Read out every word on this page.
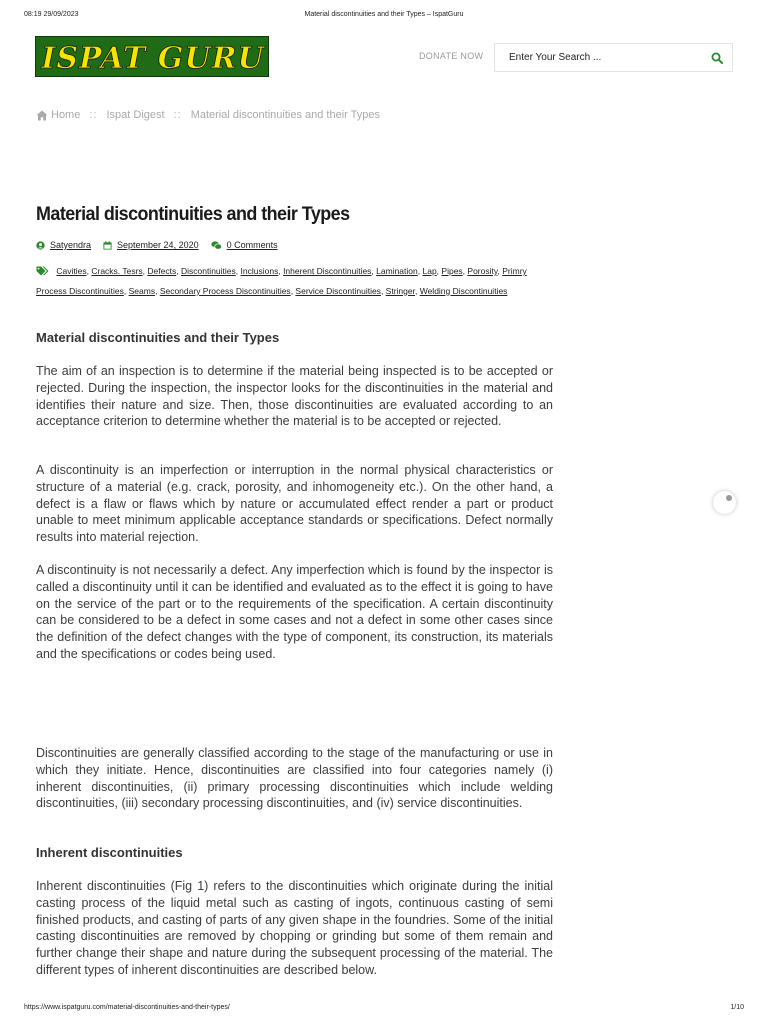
08:19 29/09/2023	Material discontinuities and their Types – IspatGuru
ISPAT GURU	DONATE NOW
Enter Your Search ...
Home :: Ispat Digest :: Material discontinuities and their Types
Material discontinuities and their Types
Satyendra	September 24, 2020	0 Comments
Cavities, Cracks. Tesrs, Defects, Discontinuities, Inclusions, Inherent Discontinuities, Lamination, Lap, Pipes, Porosity, Primry Process Discontinuities, Seams, Secondary Process Discontinuities, Service Discontinuities, Stringer, Welding Discontinuities
Material discontinuities and their Types

The aim of an inspection is to determine if the material being inspected is to be accepted or rejected. During the inspection, the inspector looks for the discontinuities in the material and identifies their nature and size. Then, those discontinuities are evaluated according to an acceptance criterion to determine whether the material is to be accepted or rejected.

A discontinuity is an imperfection or interruption in the normal physical characteristics or structure of a material (e.g. crack, porosity, and inhomogeneity etc.). On the other hand, a defect is a flaw or flaws which by nature or accumulated effect render a part or product unable to meet minimum applicable acceptance standards or specifications. Defect normally results into material rejection.

A discontinuity is not necessarily a defect. Any imperfection which is found by the inspector is called a discontinuity until it can be identified and evaluated as to the effect it is going to have on the service of the part or to the requirements of the specification. A certain discontinuity can be considered to be a defect in some cases and not a defect in some other cases since the definition of the defect changes with the type of component, its construction, its materials and the specifications or codes being used.

Discontinuities are generally classified according to the stage of the manufacturing or use in which they initiate. Hence, discontinuities are classified into four categories namely (i) inherent discontinuities, (ii) primary processing discontinuities which include welding discontinuities, (iii) secondary processing discontinuities, and (iv) service discontinuities.

Inherent discontinuities

Inherent discontinuities (Fig 1) refers to the discontinuities which originate during the initial casting process of the liquid metal such as casting of ingots, continuous casting of semi finished products, and casting of parts of any given shape in the foundries. Some of the initial casting discontinuities are removed by chopping or grinding but some of them remain and further change their shape and nature during the subsequent processing of the material. The different types of inherent discontinuities are described below.

https://www.ispatguru.com/material-discontinuities-and-their-types/	1/10
